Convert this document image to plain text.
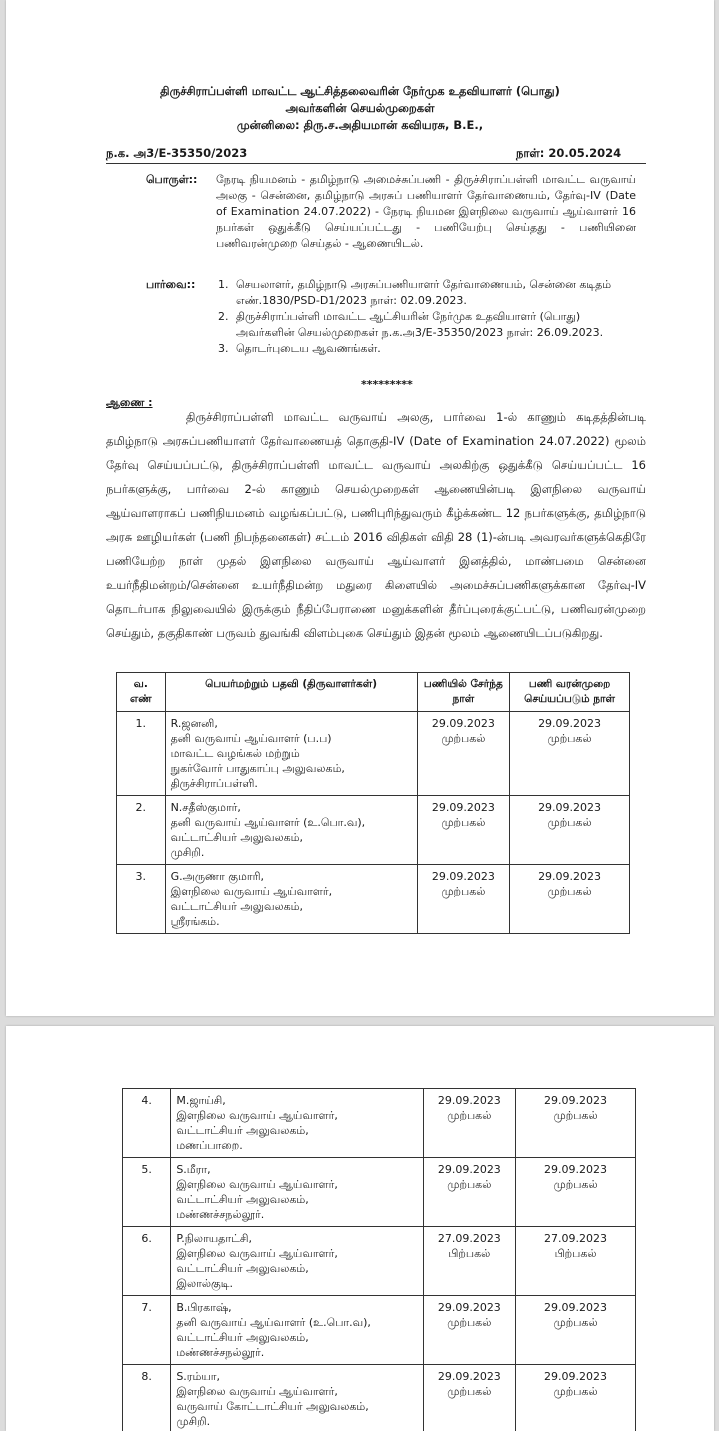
திருச்சிராப்பள்ளி மாவட்ட ஆட்சித்தலைவரின் நேர்முக உதவியாளர் (பொது)
அவர்களின் செயல்முறைகள்
முன்னிலை: திரு.ச.அதியமான் கவியரசு, B.E.,
ந.க. அ3/E-35350/2023	நாள்: 20.05.2024
பொருள்:: நேரடி நியமனம் - தமிழ்நாடு அமைச்சுப்பணி - திருச்சிராப்பள்ளி மாவட்ட வருவாய் அலகு - சென்னை, தமிழ்நாடு அரசுப் பணியாளர் தேர்வாணையம், தேர்வு-IV (Date of Examination 24.07.2022) - நேரடி நியமன இளநிலை வருவாய் ஆய்வாளர் 16 நபர்கள் ஒதுக்கீடு செய்யப்பட்டது - பணியேற்பு செய்தது - பணியினை பணிவரன்முறை செய்தல் - ஆணையிடல்.
பார்வை:: 1. செயலாளர், தமிழ்நாடு அரசுப்பணியாளர் தேர்வாணையம், சென்னை கடிதம் எண்.1830/PSD-D1/2023 நாள்: 02.09.2023.
2. திருச்சிராப்பள்ளி மாவட்ட ஆட்சியரின் நேர்முக உதவியாளர் (பொது) அவர்களின் செயல்முறைகள் ந.க.அ3/E-35350/2023 நாள்: 26.09.2023.
3. தொடர்புடைய ஆவணங்கள்.
*********
ஆணை :
திருச்சிராப்பள்ளி மாவட்ட வருவாய் அலகு, பார்வை 1-ல் காணும் கடிதத்தின்படி தமிழ்நாடு அரசுப்பணியாளர் தேர்வாணையத் தொகுதி-IV (Date of Examination 24.07.2022) மூலம் தேர்வு செய்யப்பட்டு, திருச்சிராப்பள்ளி மாவட்ட வருவாய் அலகிற்கு ஒதுக்கீடு செய்யப்பட்ட 16 நபர்களுக்கு, பார்வை 2-ல் காணும் செயல்முறைகள் ஆணையின்படி இளநிலை வருவாய் ஆய்வாளராகப் பணிநியமனம் வழங்கப்பட்டு, பணிபுரிந்துவரும் கீழ்க்கண்ட 12 நபர்களுக்கு, தமிழ்நாடு அரசு ஊழியர்கள் (பணி நிபந்தனைகள்) சட்டம் 2016 விதிகள் விதி 28 (1)-ன்படி அவரவர்களுக்கெதிரே பணியேற்ற நாள் முதல் இளநிலை வருவாய் ஆய்வாளர் இனத்தில், மாண்பமை சென்னை உயர்நீதிமன்றம்/சென்னை உயர்நீதிமன்ற மதுரை கிளையில் அமைச்சுப்பணிகளுக்கான தேர்வு-IV தொடர்பாக நிலுவையில் இருக்கும் நீதிப்பேராணை மனுக்களின் தீர்ப்புரைக்குட்பட்டு, பணிவரன்முறை செய்தும், தகுதிகாண் பருவம் துவங்கி விளம்புகை செய்தும் இதன் மூலம் ஆணையிடப்படுகிறது.
வ. எண்	பெயர்மற்றும் பதவி (திருவாளர்கள்)	பணியில் சேர்ந்த நாள்	பணி வரன்முறை செய்யப்படும் நாள்
1.	R.ஜனனி,
தனி வருவாய் ஆய்வாளர் (ப.ப)
மாவட்ட வழங்கல் மற்றும்
நுகர்வோர் பாதுகாப்பு அலுவலகம்,
திருச்சிராப்பள்ளி.	29.09.2023
முற்பகல்	29.09.2023
முற்பகல்

2.	N.சதீஸ்குமார்,
தனி வருவாய் ஆய்வாளர் (உ.பொ.வ),
வட்டாட்சியர் அலுவலகம்,
முசிறி.	29.09.2023
முற்பகல்	29.09.2023
முற்பகல்

3.	G.அருணா குமாரி,
இளநிலை வருவாய் ஆய்வாளர்,
வட்டாட்சியர் அலுவலகம்,
ஸ்ரீரங்கம்.	29.09.2023
முற்பகல்	29.09.2023
முற்பகல்
4.	M.ஜாய்சி,
இளநிலை வருவாய் ஆய்வாளர்,
வட்டாட்சியர் அலுவலகம்,
மணப்பாறை.	29.09.2023
முற்பகல்	29.09.2023
முற்பகல்

5.	S.மீரா,
இளநிலை வருவாய் ஆய்வாளர்,
வட்டாட்சியர் அலுவலகம்,
மண்ணச்சநல்லூர்.	29.09.2023
முற்பகல்	29.09.2023
முற்பகல்

6.	P.நிலாயதாட்சி,
இளநிலை வருவாய் ஆய்வாளர்,
வட்டாட்சியர் அலுவலகம்,
இலால்குடி.	27.09.2023
பிற்பகல்	27.09.2023
பிற்பகல்

7.	B.பிரகாஷ்,
தனி வருவாய் ஆய்வாளர் (உ.பொ.வ),
வட்டாட்சியர் அலுவலகம்,
மண்ணச்சநல்லூர்.	29.09.2023
முற்பகல்	29.09.2023
முற்பகல்

8.	S.ரம்யா,
இளநிலை வருவாய் ஆய்வாளர்,
வருவாய் கோட்டாட்சியர் அலுவலகம்,
முசிறி.	29.09.2023
முற்பகல்	29.09.2023
முற்பகல்
